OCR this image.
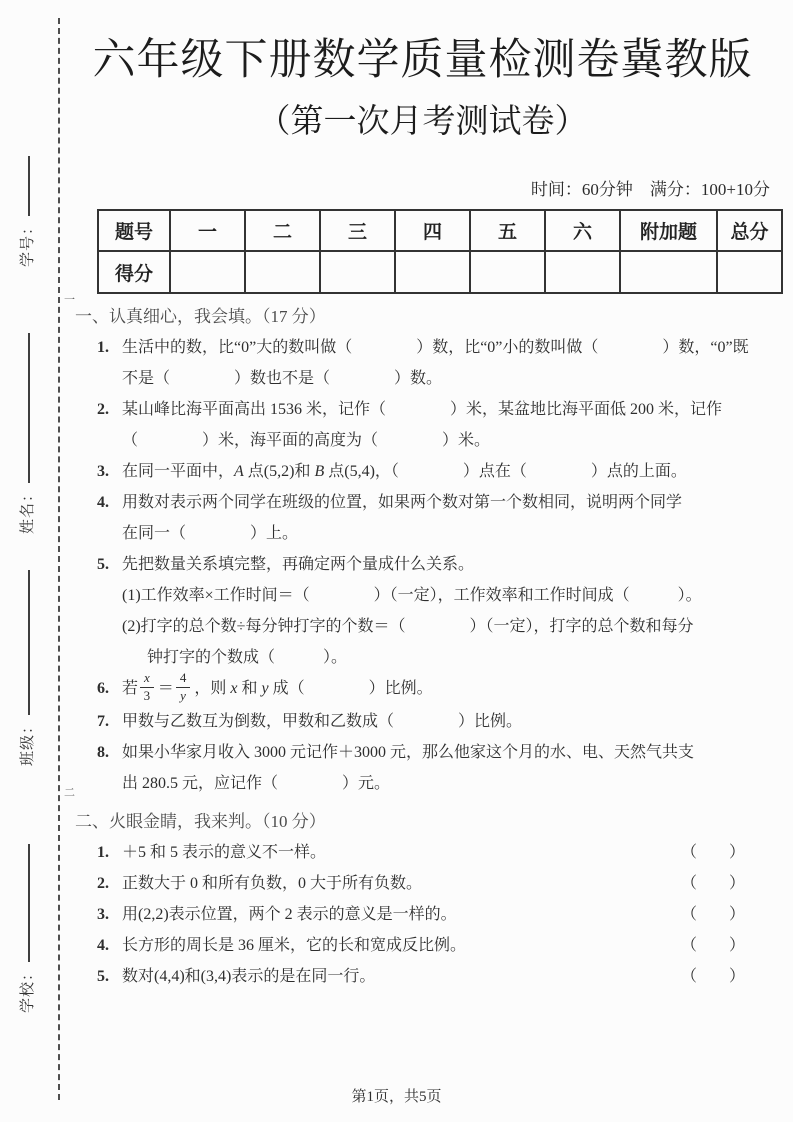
学号：
姓名：
班级：
学校：
一
二
六年级下册数学质量检测卷冀教版
（第一次月考测试卷）
时间：60分钟　满分：100+10分
题号	一	二	三	四	五	六	附加题	总分
得分								
一、认真细心，我会填。（17 分）
1. 生活中的数，比“0”大的数叫做（　　　　）数，比“0”小的数叫做（　　　　）数，“0”既
不是（　　　　）数也不是（　　　　）数。
2. 某山峰比海平面高出 1536 米，记作（　　　　）米，某盆地比海平面低 200 米，记作
（　　　　）米，海平面的高度为（　　　　）米。
3. 在同一平面中，A 点(5,2)和 B 点(5,4)，（　　　　）点在（　　　　）点的上面。
4. 用数对表示两个同学在班级的位置，如果两个数对第一个数相同，说明两个同学
在同一（　　　　）上。
5. 先把数量关系填完整，再确定两个量成什么关系。
(1)工作效率×工作时间＝（　　　　）（一定），工作效率和工作时间成（　　　）。
(2)打字的总个数÷每分钟打字的个数＝（　　　　）（一定），打字的总个数和每分
钟打字的个数成（　　　）。
6. 若 $\frac{x}{3} = \frac{4}{y}$ ，则 x 和 y 成（　　　　）比例。
7. 甲数与乙数互为倒数，甲数和乙数成（　　　　）比例。
8. 如果小华家月收入 3000 元记作＋3000 元，那么他家这个月的水、电、天然气共支
出 280.5 元，应记作（　　　　）元。
二、火眼金睛，我来判。（10 分）
1. ＋5 和 5 表示的意义不一样。	（　　）
2. 正数大于 0 和所有负数，0 大于所有负数。	（　　）
3. 用(2,2)表示位置，两个 2 表示的意义是一样的。	（　　）
4. 长方形的周长是 36 厘米，它的长和宽成反比例。	（　　）
5. 数对(4,4)和(3,4)表示的是在同一行。	（　　）
第1页，共5页
